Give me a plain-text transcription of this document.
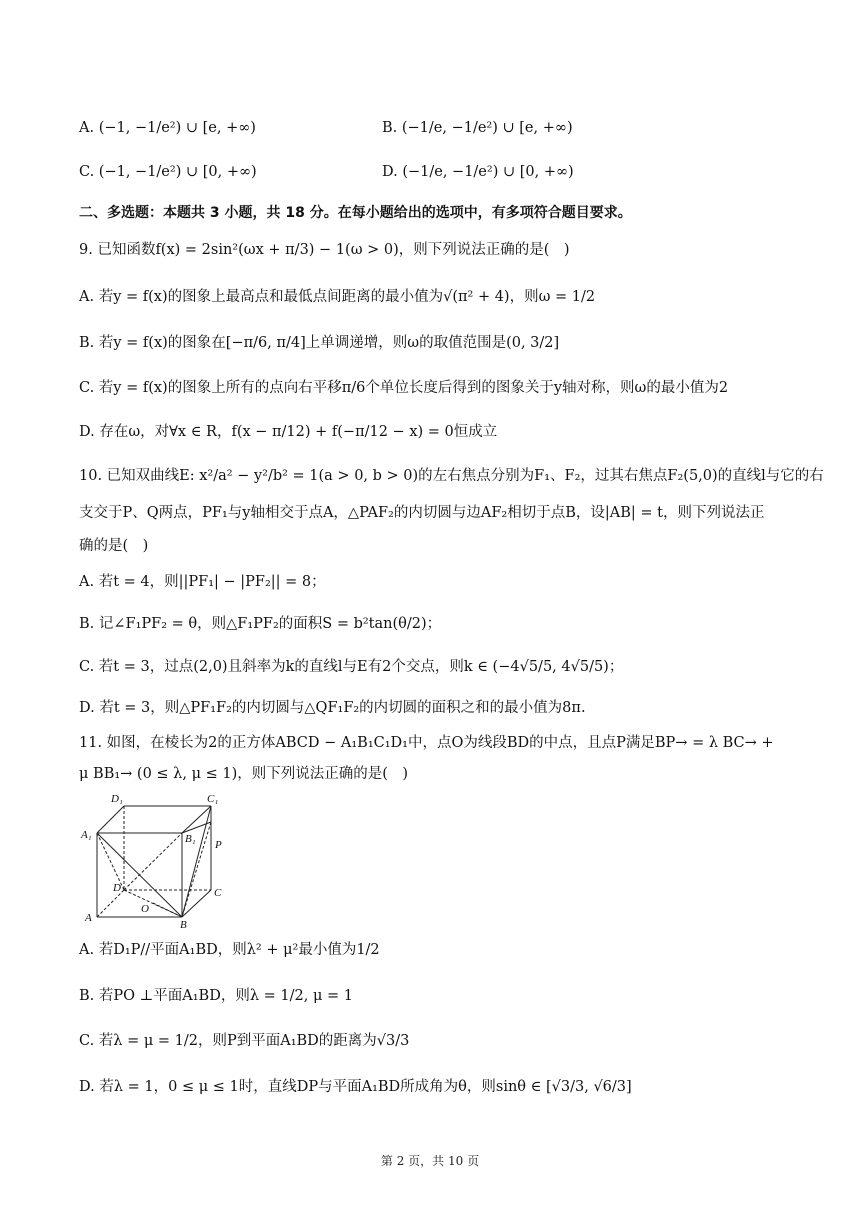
A. (−1, −1/e²) ∪ [e, +∞)	B. (−1/e, −1/e²) ∪ [e, +∞)
C. (−1, −1/e²) ∪ [0, +∞)	D. (−1/e, −1/e²) ∪ [0, +∞)
二、多选题：本题共 3 小题，共 18 分。在每小题给出的选项中，有多项符合题目要求。
9. 已知函数f(x) = 2sin²(ωx + π/3) − 1(ω > 0)，则下列说法正确的是(　)
A. 若y = f(x)的图象上最高点和最低点间距离的最小值为√(π² + 4)，则ω = 1/2
B. 若y = f(x)的图象在[−π/6, π/4]上单调递增，则ω的取值范围是(0, 3/2]
C. 若y = f(x)的图象上所有的点向右平移π/6个单位长度后得到的图象关于y轴对称，则ω的最小值为2
D. 存在ω，对∀x ∈ R，f(x − π/12) + f(−π/12 − x) = 0恒成立
10. 已知双曲线E: x²/a² − y²/b² = 1(a > 0, b > 0)的左右焦点分别为F₁、F₂，过其右焦点F₂(5,0)的直线l与它的右
支交于P、Q两点，PF₁与y轴相交于点A，△PAF₂的内切圆与边AF₂相切于点B，设|AB| = t，则下列说法正
确的是(　)
A. 若t = 4，则||PF₁| − |PF₂|| = 8；
B. 记∠F₁PF₂ = θ，则△F₁PF₂的面积S = b²tan(θ/2)；
C. 若t = 3，过点(2,0)且斜率为k的直线l与E有2个交点，则k ∈ (−4√5/5, 4√5/5)；
D. 若t = 3，则△PF₁F₂的内切圆与△QF₁F₂的内切圆的面积之和的最小值为8π.
11. 如图，在棱长为2的正方体ABCD − A₁B₁C₁D₁中，点O为线段BD的中点，且点P满足BP→ = λ BC→ +
μ BB₁→ (0 ≤ λ, μ ≤ 1)，则下列说法正确的是(　)
D₁	C₁
A₁	B₁ P
D	C
O
A
B
A. 若D₁P//平面A₁BD，则λ² + μ²最小值为1/2
B. 若PO ⊥平面A₁BD，则λ = 1/2, μ = 1
C. 若λ = μ = 1/2，则P到平面A₁BD的距离为√3/3
D. 若λ = 1，0 ≤ μ ≤ 1时，直线DP与平面A₁BD所成角为θ，则sinθ ∈ [√3/3, √6/3]
第 2 页，共 10 页
